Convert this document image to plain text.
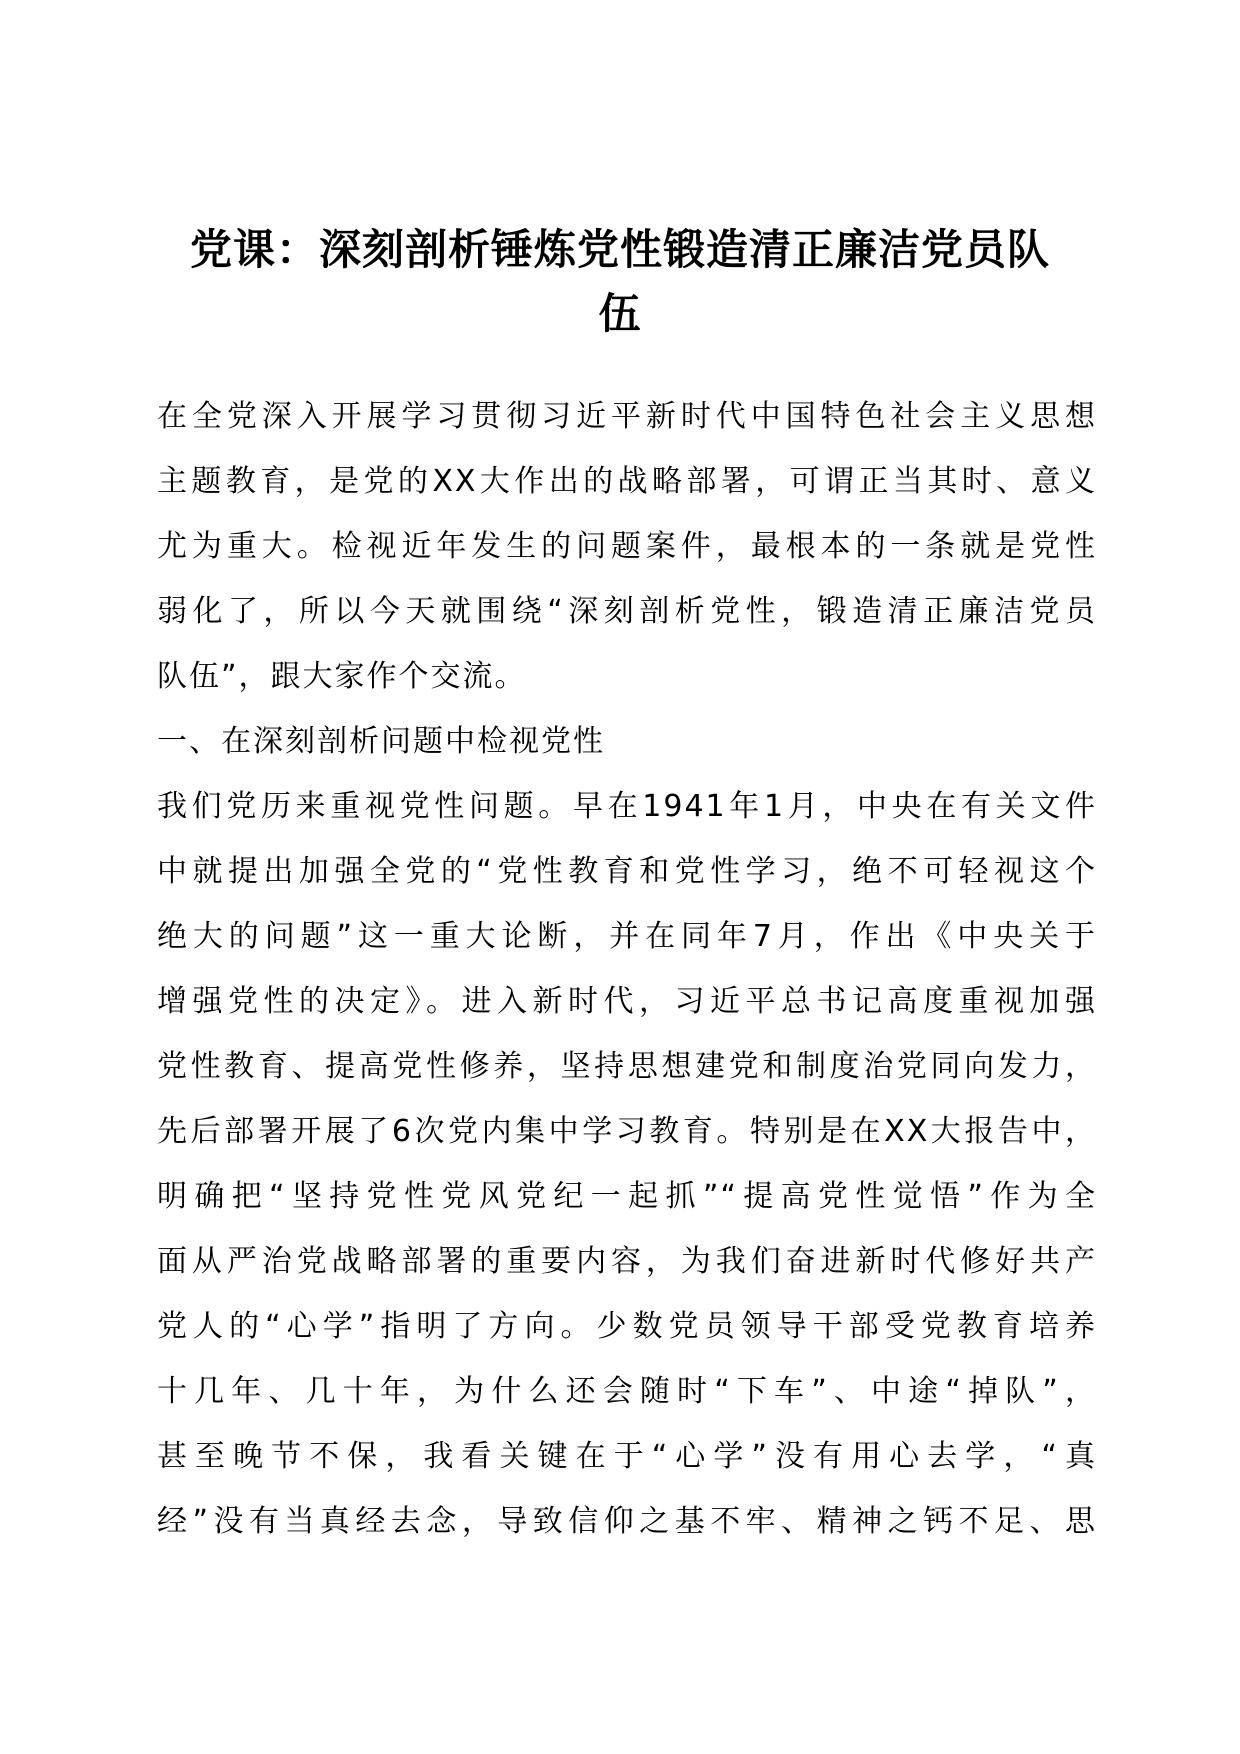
党课：深刻剖析锤炼党性锻造清正廉洁党员队
伍
在全党深入开展学习贯彻习近平新时代中国特色社会主义思想
主题教育，是党的XX大作出的战略部署，可谓正当其时、意义
尤为重大。检视近年发生的问题案件，最根本的一条就是党性
弱化了，所以今天就围绕“深刻剖析党性，锻造清正廉洁党员
队伍”，跟大家作个交流。
一、在深刻剖析问题中检视党性
我们党历来重视党性问题。早在1941年1月，中央在有关文件
中就提出加强全党的“党性教育和党性学习，绝不可轻视这个
绝大的问题”这一重大论断，并在同年7月，作出《中央关于
增强党性的决定》。进入新时代，习近平总书记高度重视加强
党性教育、提高党性修养，坚持思想建党和制度治党同向发力，
先后部署开展了6次党内集中学习教育。特别是在XX大报告中，
明确把“坚持党性党风党纪一起抓”“提高党性觉悟”作为全
面从严治党战略部署的重要内容，为我们奋进新时代修好共产
党人的“心学”指明了方向。少数党员领导干部受党教育培养
十几年、几十年，为什么还会随时“下车”、中途“掉队”，
甚至晚节不保，我看关键在于“心学”没有用心去学，“真
经”没有当真经去念，导致信仰之基不牢、精神之钙不足、思
